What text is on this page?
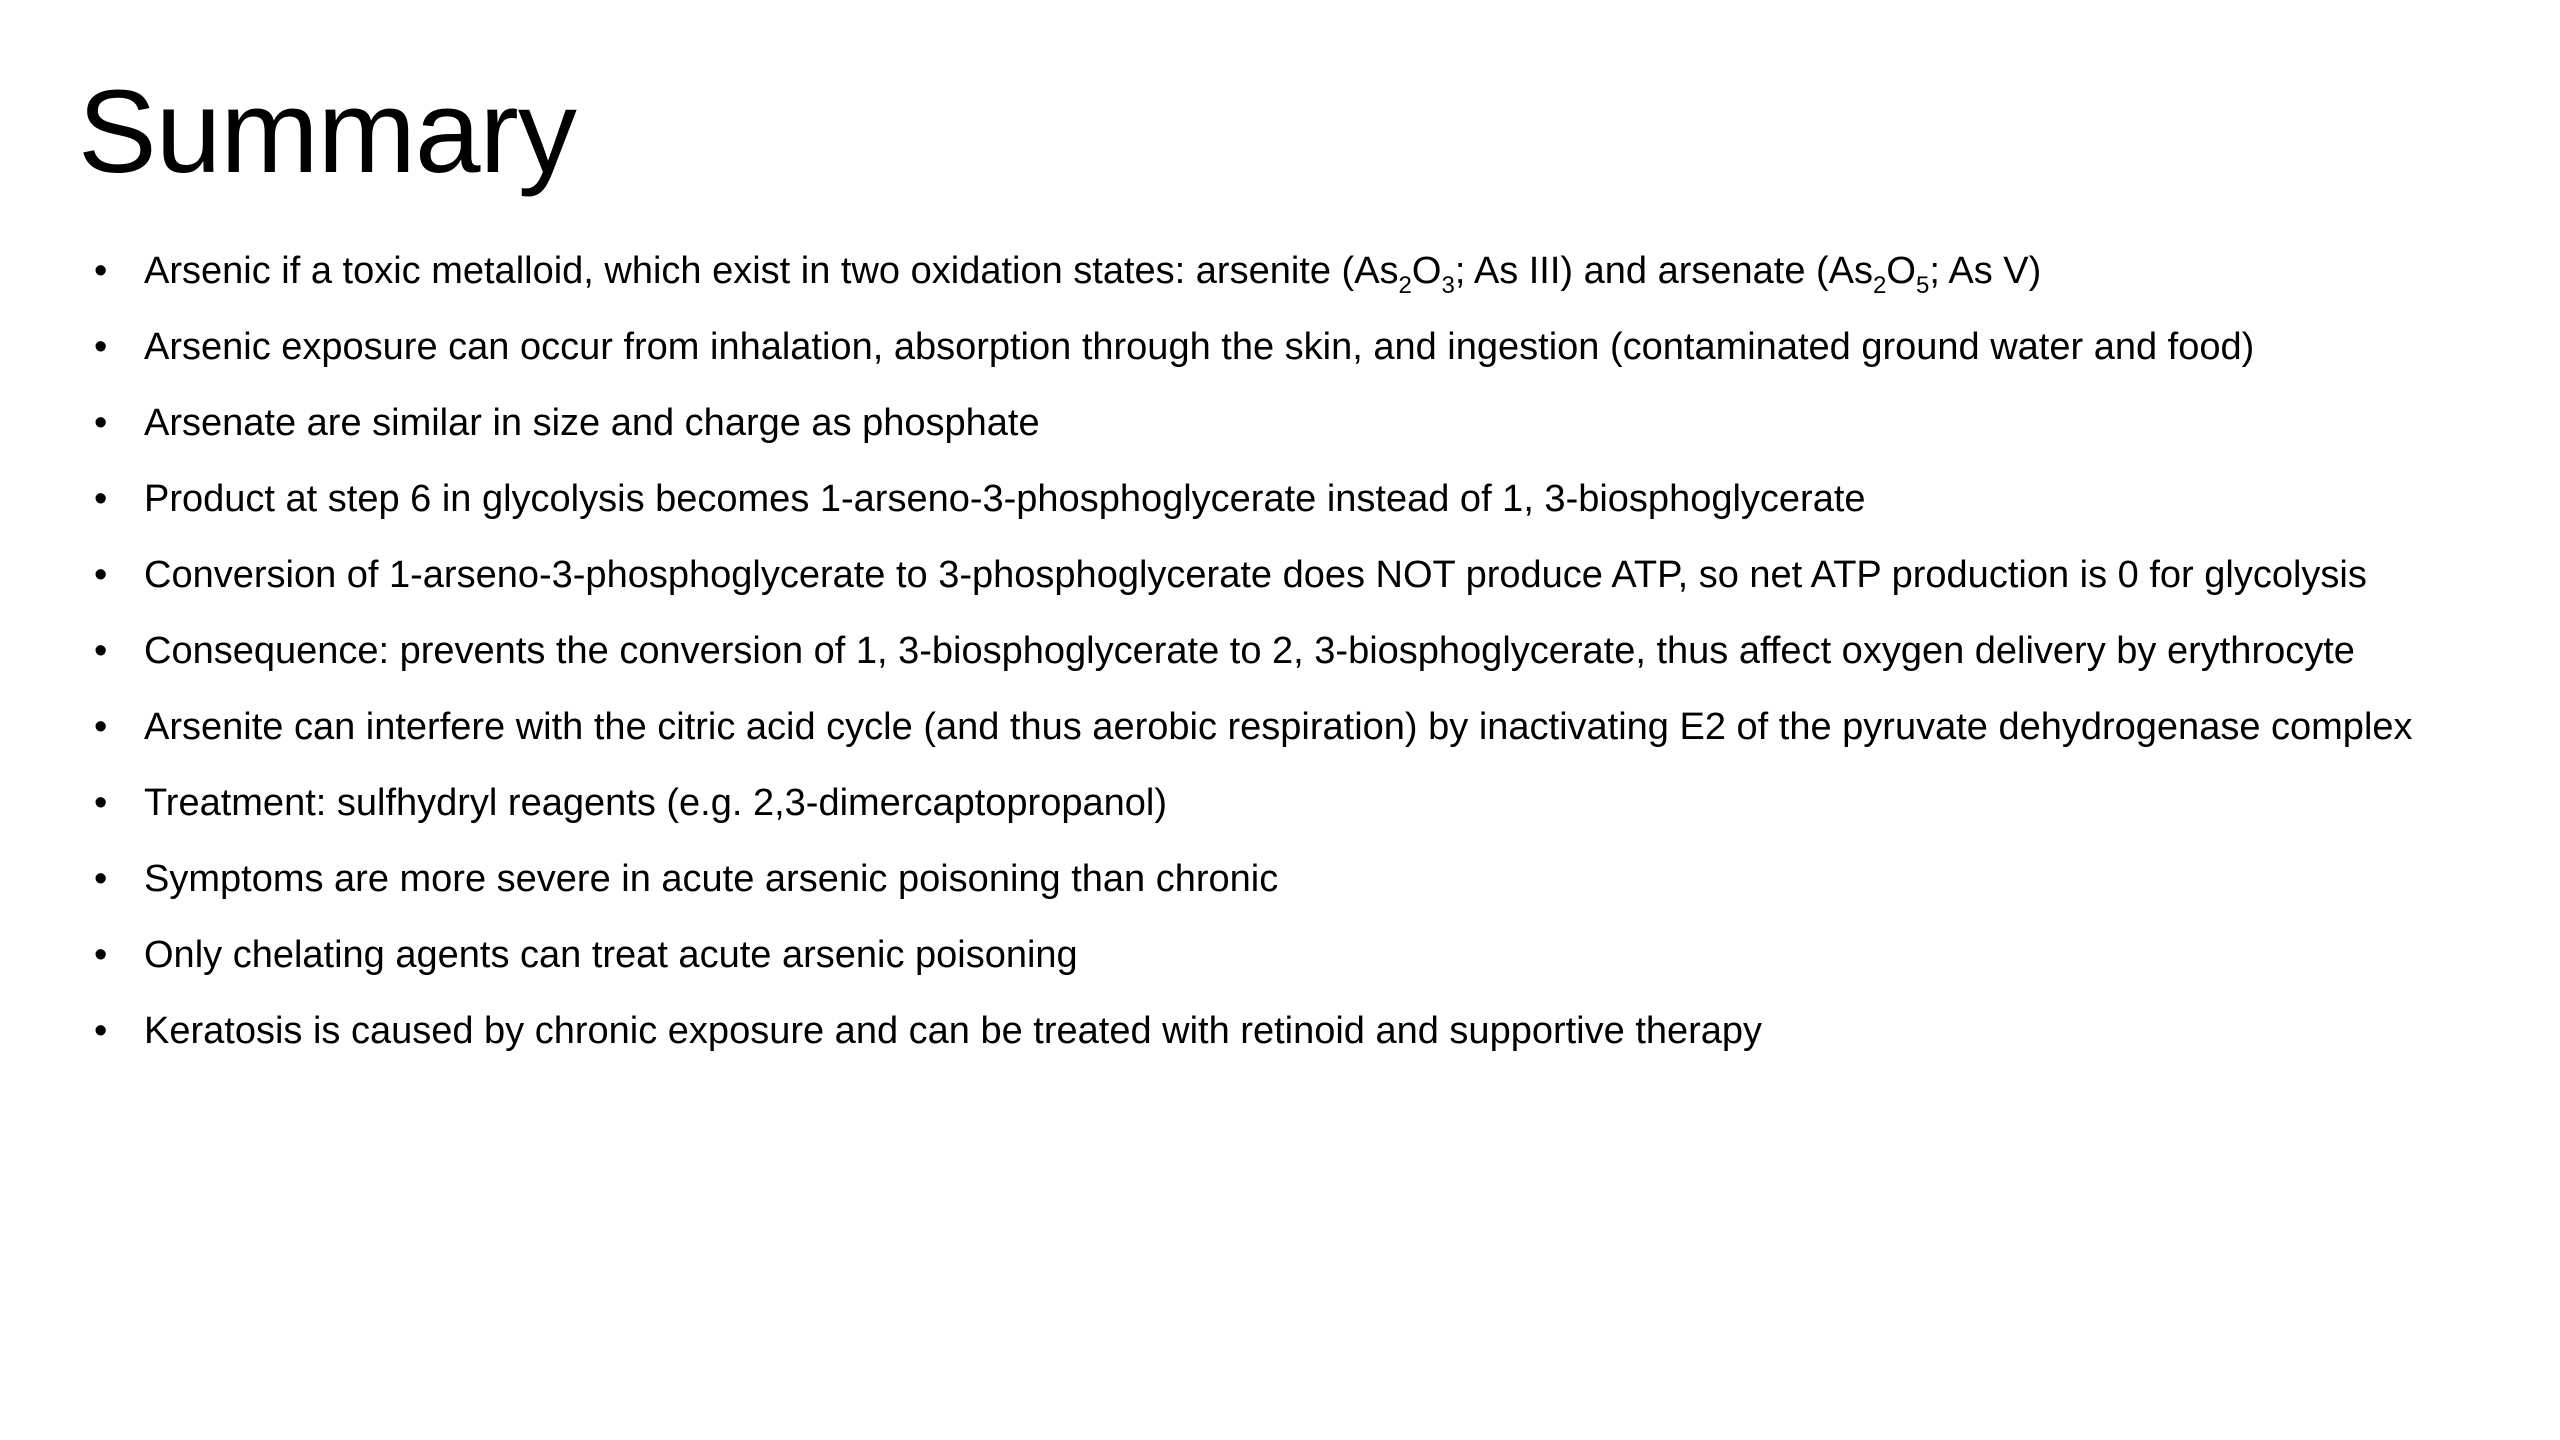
Summary
• Arsenic if a toxic metalloid, which exist in two oxidation states: arsenite ($As_2O_3$; As III) and arsenate ($As_2O_5$; As V)
• Arsenic exposure can occur from inhalation, absorption through the skin, and ingestion (contaminated ground water and food)
• Arsenate are similar in size and charge as phosphate
• Product at step 6 in glycolysis becomes 1-arseno-3-phosphoglycerate instead of 1, 3-biosphoglycerate
• Conversion of 1-arseno-3-phosphoglycerate to 3-phosphoglycerate does NOT produce ATP, so net ATP production is 0 for glycolysis
• Consequence: prevents the conversion of 1, 3-biosphoglycerate to 2, 3-biosphoglycerate, thus affect oxygen delivery by erythrocyte
• Arsenite can interfere with the citric acid cycle (and thus aerobic respiration) by inactivating E2 of the pyruvate dehydrogenase complex
• Treatment: sulfhydryl reagents (e.g. 2,3-dimercaptopropanol)
• Symptoms are more severe in acute arsenic poisoning than chronic
• Only chelating agents can treat acute arsenic poisoning
• Keratosis is caused by chronic exposure and can be treated with retinoid and supportive therapy
